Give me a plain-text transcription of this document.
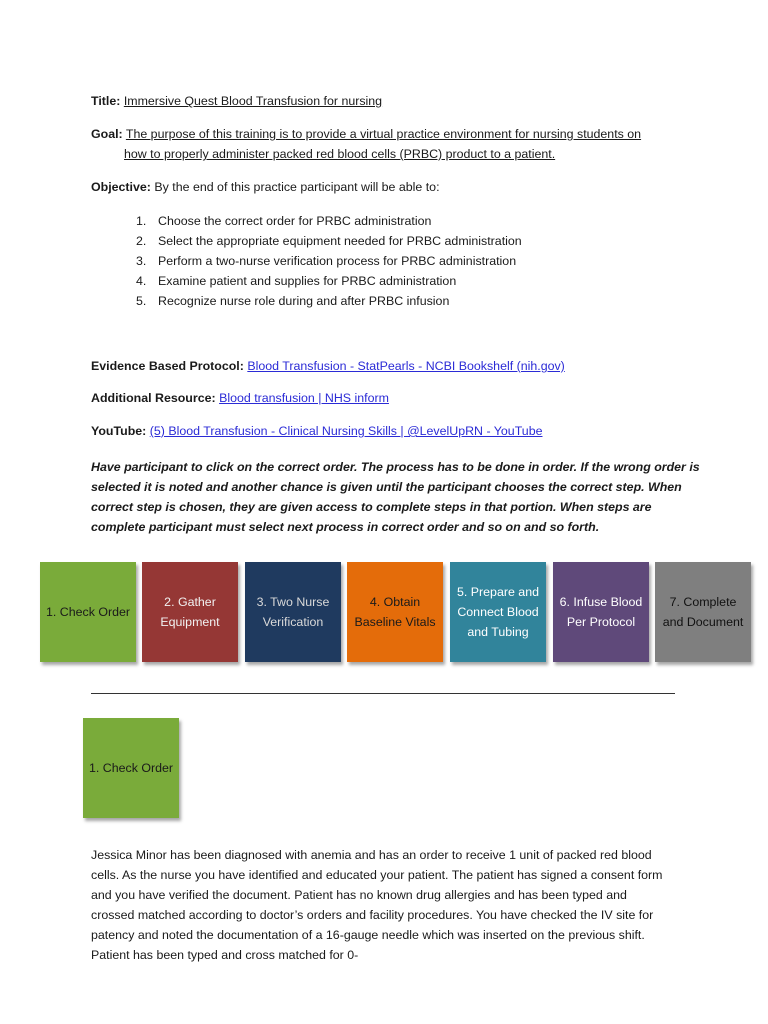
Title: Immersive Quest Blood Transfusion for nursing
Goal: The purpose of this training is to provide a virtual practice environment for nursing students on
how to properly administer packed red blood cells (PRBC) product to a patient.
Objective: By the end of this practice participant will be able to:
1. Choose the correct order for PRBC administration
2. Select the appropriate equipment needed for PRBC administration
3. Perform a two-nurse verification process for PRBC administration
4. Examine patient and supplies for PRBC administration
5. Recognize nurse role during and after PRBC infusion
Evidence Based Protocol: Blood Transfusion - StatPearls - NCBI Bookshelf (nih.gov)
Additional Resource: Blood transfusion | NHS inform
YouTube: (5) Blood Transfusion - Clinical Nursing Skills | @LevelUpRN - YouTube
Have participant to click on the correct order. The process has to be done in order. If the wrong order is
selected it is noted and another chance is given until the participant chooses the correct step. When
correct step is chosen, they are given access to complete steps in that portion. When steps are
complete participant must select next process in correct order and so on and so forth.
1. Check Order
2. Gather Equipment
3. Two Nurse Verification
4. Obtain Baseline Vitals
5. Prepare and Connect Blood and Tubing
6. Infuse Blood Per Protocol
7. Complete and Document
1. Check Order
Jessica Minor has been diagnosed with anemia and has an order to receive 1 unit of packed red blood
cells. As the nurse you have identified and educated your patient. The patient has signed a consent form
and you have verified the document. Patient has no known drug allergies and has been typed and
crossed matched according to doctor’s orders and facility procedures. You have checked the IV site for
patency and noted the documentation of a 16-gauge needle which was inserted on the previous shift.
Patient has been typed and cross matched for 0-
